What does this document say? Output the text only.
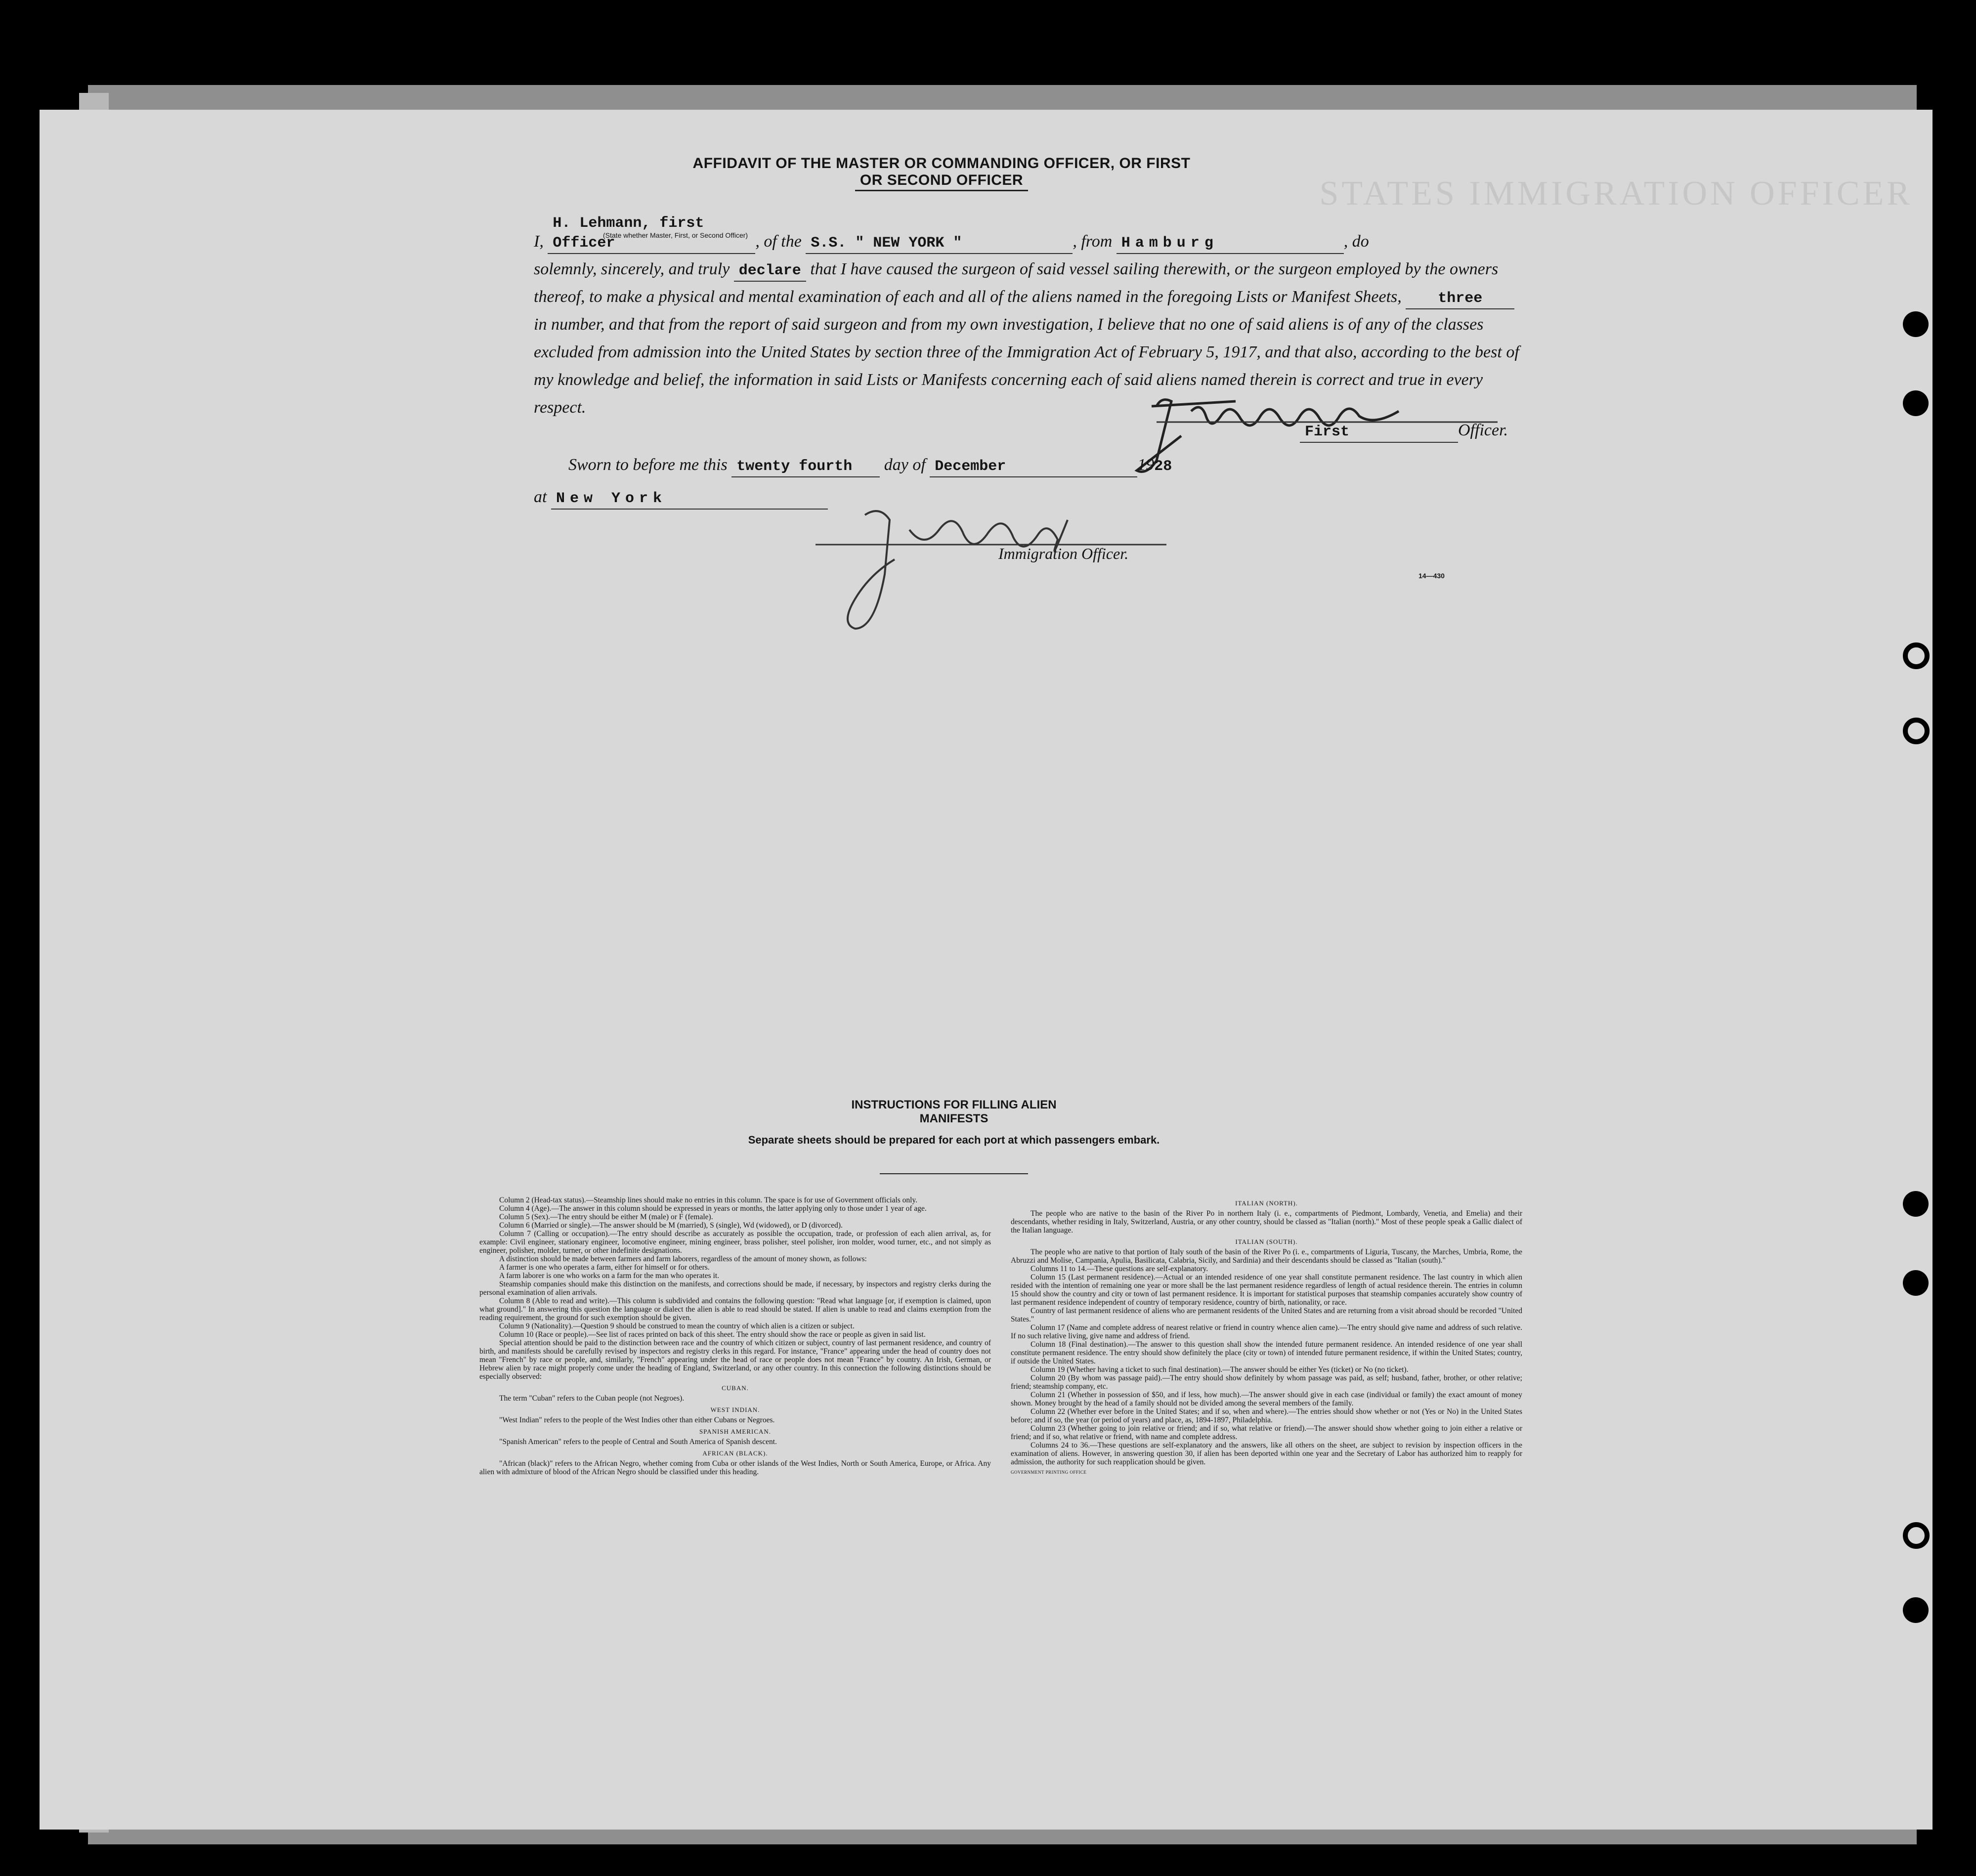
STATES IMMIGRATION OFFICER
AFFIDAVIT OF THE MASTER OR COMMANDING OFFICER, OR FIRST OR SECOND OFFICER

I, H. Lehmann, first Officer	, of the S.S. " NEW YORK "	, from Hamburg	, do

solemnly, sincerely, and truly declare that I have caused the surgeon of said vessel sailing therewith, or the surgeon employed by the owners thereof, to make a physical and mental examination of each and all of the aliens named in the foregoing Lists or Manifest Sheets, three in number, and that from the report of said surgeon and from my own investigation, I believe that no one of said aliens is of any of the classes excluded from admission into the United States by section three of the Immigration Act of February 5, 1917, and that also, according to the best of my knowledge and belief, the information in said Lists or Manifests concerning each of said aliens named therein is correct and true in every respect.

(State whether Master, First, or Second Officer)
First	Officer.
Sworn to before me this twenty fourth day of December	1928
at New York
Immigration Officer.
14—430
INSTRUCTIONS FOR FILLING ALIEN MANIFESTS
Separate sheets should be prepared for each port at which passengers embark.

Column 2 (Head-tax status).—Steamship lines should make no entries in this column. The space is for use of Government officials only.

Column 4 (Age).—The answer in this column should be expressed in years or months, the latter applying only to those under 1 year of age.

Column 5 (Sex).—The entry should be either M (male) or F (female).

Column 6 (Married or single).—The answer should be M (married), S (single), Wd (widowed), or D (divorced).

Column 7 (Calling or occupation).—The entry should describe as accurately as possible the occupation, trade, or profession of each alien arrival, as, for example: Civil engineer, stationary engineer, locomotive engineer, mining engineer, brass polisher, steel polisher, iron molder, wood turner, etc., and not simply as engineer, polisher, molder, turner, or other indefinite designations.

A distinction should be made between farmers and farm laborers, regardless of the amount of money shown, as follows:

A farmer is one who operates a farm, either for himself or for others.

A farm laborer is one who works on a farm for the man who operates it.

Steamship companies should make this distinction on the manifests, and corrections should be made, if necessary, by inspectors and registry clerks during the personal examination of alien arrivals.

Column 8 (Able to read and write).—This column is subdivided and contains the following question: "Read what language [or, if exemption is claimed, upon what ground]." In answering this question the language or dialect the alien is able to read should be stated. If alien is unable to read and claims exemption from the reading requirement, the ground for such exemption should be given.

Column 9 (Nationality).—Question 9 should be construed to mean the country of which alien is a citizen or subject.

Column 10 (Race or people).—See list of races printed on back of this sheet. The entry should show the race or people as given in said list.

Special attention should be paid to the distinction between race and the country of which citizen or subject, country of last permanent residence, and country of birth, and manifests should be carefully revised by inspectors and registry clerks in this regard. For instance, "France" appearing under the head of country does not mean "French" by race or people, and, similarly, "French" appearing under the head of race or people does not mean "France" by country. An Irish, German, or Hebrew alien by race might properly come under the heading of England, Switzerland, or any other country. In this connection the following distinctions should be especially observed:

CUBAN.

The term "Cuban" refers to the Cuban people (not Negroes).

WEST INDIAN.

"West Indian" refers to the people of the West Indies other than either Cubans or Negroes.

SPANISH AMERICAN.

"Spanish American" refers to the people of Central and South America of Spanish descent.

AFRICAN (BLACK).

"African (black)" refers to the African Negro, whether coming from Cuba or other islands of the West Indies, North or South America, Europe, or Africa. Any alien with admixture of blood of the African Negro should be classified under this heading.

ITALIAN (NORTH).

The people who are native to the basin of the River Po in northern Italy (i. e., compartments of Piedmont, Lombardy, Venetia, and Emelia) and their descendants, whether residing in Italy, Switzerland, Austria, or any other country, should be classed as "Italian (north)." Most of these people speak a Gallic dialect of the Italian language.

ITALIAN (SOUTH).

The people who are native to that portion of Italy south of the basin of the River Po (i. e., compartments of Liguria, Tuscany, the Marches, Umbria, Rome, the Abruzzi and Molise, Campania, Apulia, Basilicata, Calabria, Sicily, and Sardinia) and their descendants should be classed as "Italian (south)."

Columns 11 to 14.—These questions are self-explanatory.

Column 15 (Last permanent residence).—Actual or an intended residence of one year shall constitute permanent residence. The last country in which alien resided with the intention of remaining one year or more shall be the last permanent residence regardless of length of actual residence therein. The entries in column 15 should show the country and city or town of last permanent residence. It is important for statistical purposes that steamship companies accurately show country of last permanent residence independent of country of temporary residence, country of birth, nationality, or race.

Country of last permanent residence of aliens who are permanent residents of the United States and are returning from a visit abroad should be recorded "United States."

Column 17 (Name and complete address of nearest relative or friend in country whence alien came).—The entry should give name and address of such relative. If no such relative living, give name and address of friend.

Column 18 (Final destination).—The answer to this question shall show the intended future permanent residence. An intended residence of one year shall constitute permanent residence. The entry should show definitely the place (city or town) of intended future permanent residence, if within the United States; country, if outside the United States.

Column 19 (Whether having a ticket to such final destination).—The answer should be either Yes (ticket) or No (no ticket).

Column 20 (By whom was passage paid).—The entry should show definitely by whom passage was paid, as self; husband, father, brother, or other relative; friend; steamship company, etc.

Column 21 (Whether in possession of $50, and if less, how much).—The answer should give in each case (individual or family) the exact amount of money shown. Money brought by the head of a family should not be divided among the several members of the family.

Column 22 (Whether ever before in the United States; and if so, when and where).—The entries should show whether or not (Yes or No) in the United States before; and if so, the year (or period of years) and place, as, 1894-1897, Philadelphia.

Column 23 (Whether going to join relative or friend; and if so, what relative or friend).—The answer should show whether going to join either a relative or friend; and if so, what relative or friend, with name and complete address.

Columns 24 to 36.—These questions are self-explanatory and the answers, like all others on the sheet, are subject to revision by inspection officers in the examination of aliens. However, in answering question 30, if alien has been deported within one year and the Secretary of Labor has authorized him to reapply for admission, the authority for such reapplication should be given.

GOVERNMENT PRINTING OFFICE
